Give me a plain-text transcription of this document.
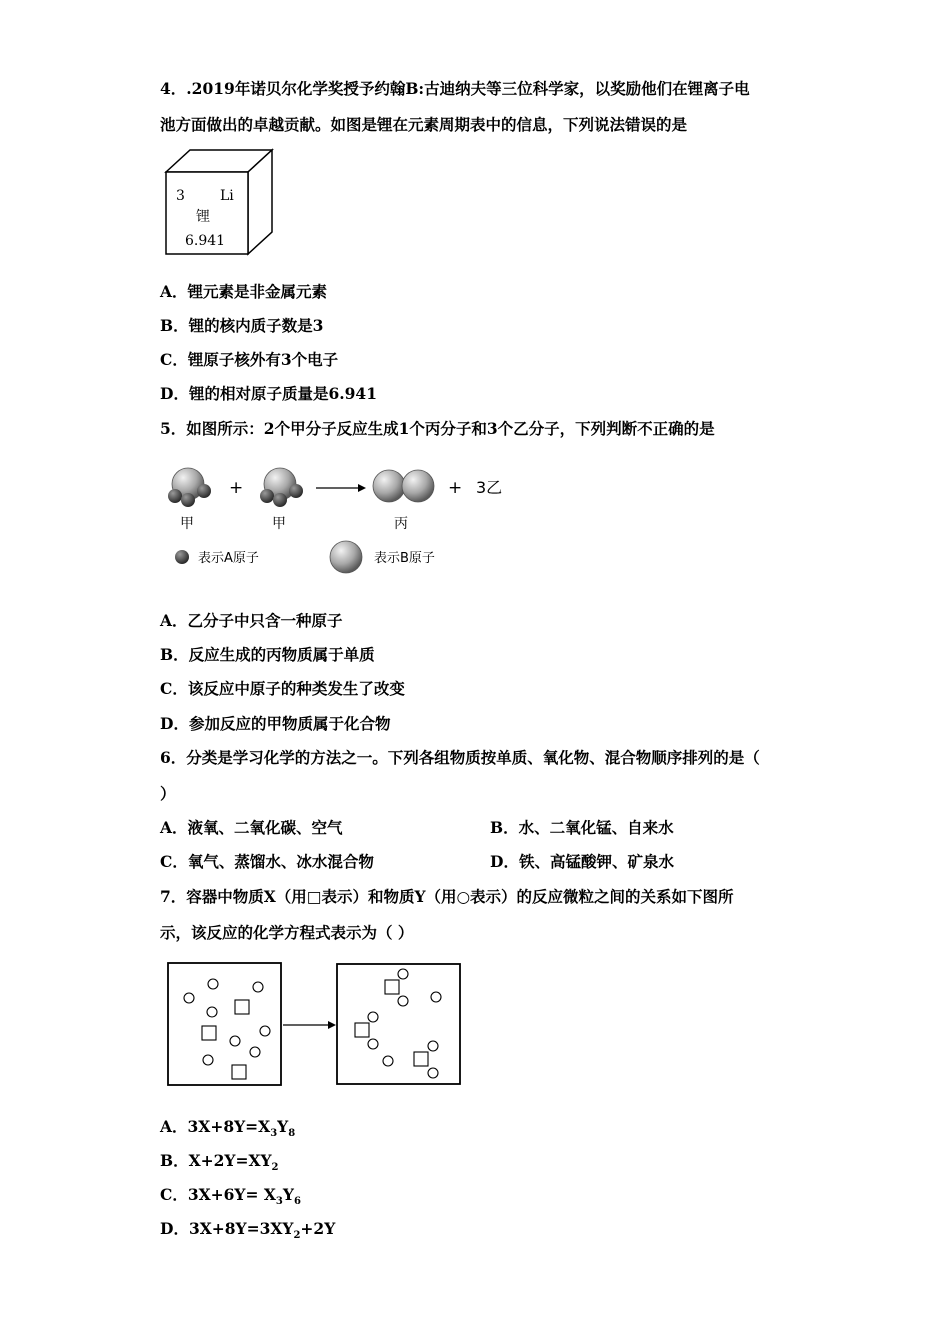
4．.2019年诺贝尔化学奖授予约翰B:古迪纳夫等三位科学家，以奖励他们在锂离子电
池方面做出的卓越贡献。如图是锂在元素周期表中的信息，下列说法错误的是
3	Li
锂
6.941
A．锂元素是非金属元素
B．锂的核内质子数是3
C．锂原子核外有3个电子
D．锂的相对原子质量是6.941
5．如图所示：2个甲分子反应生成1个丙分子和3个乙分子，下列判断不正确的是
+	+ 3乙
甲	甲	丙
表示A原子	表示B原子
A．乙分子中只含一种原子
B．反应生成的丙物质属于单质
C．该反应中原子的种类发生了改变
D．参加反应的甲物质属于化合物
6．分类是学习化学的方法之一。下列各组物质按单质、氧化物、混合物顺序排列的是（
）
A．液氧、二氧化碳、空气	B．水、二氧化锰、自来水
C．氧气、蒸馏水、冰水混合物	D．铁、高锰酸钾、矿泉水
7．容器中物质X（用□表示）和物质Y（用○表示）的反应微粒之间的关系如下图所
示，该反应的化学方程式表示为（ ）
A．$3X+8Y=X_3Y_8$
B．$X+2Y=XY_2$
C．$3X+6Y= X_3Y_6$
D．$3X+8Y=3XY_2+2Y$
